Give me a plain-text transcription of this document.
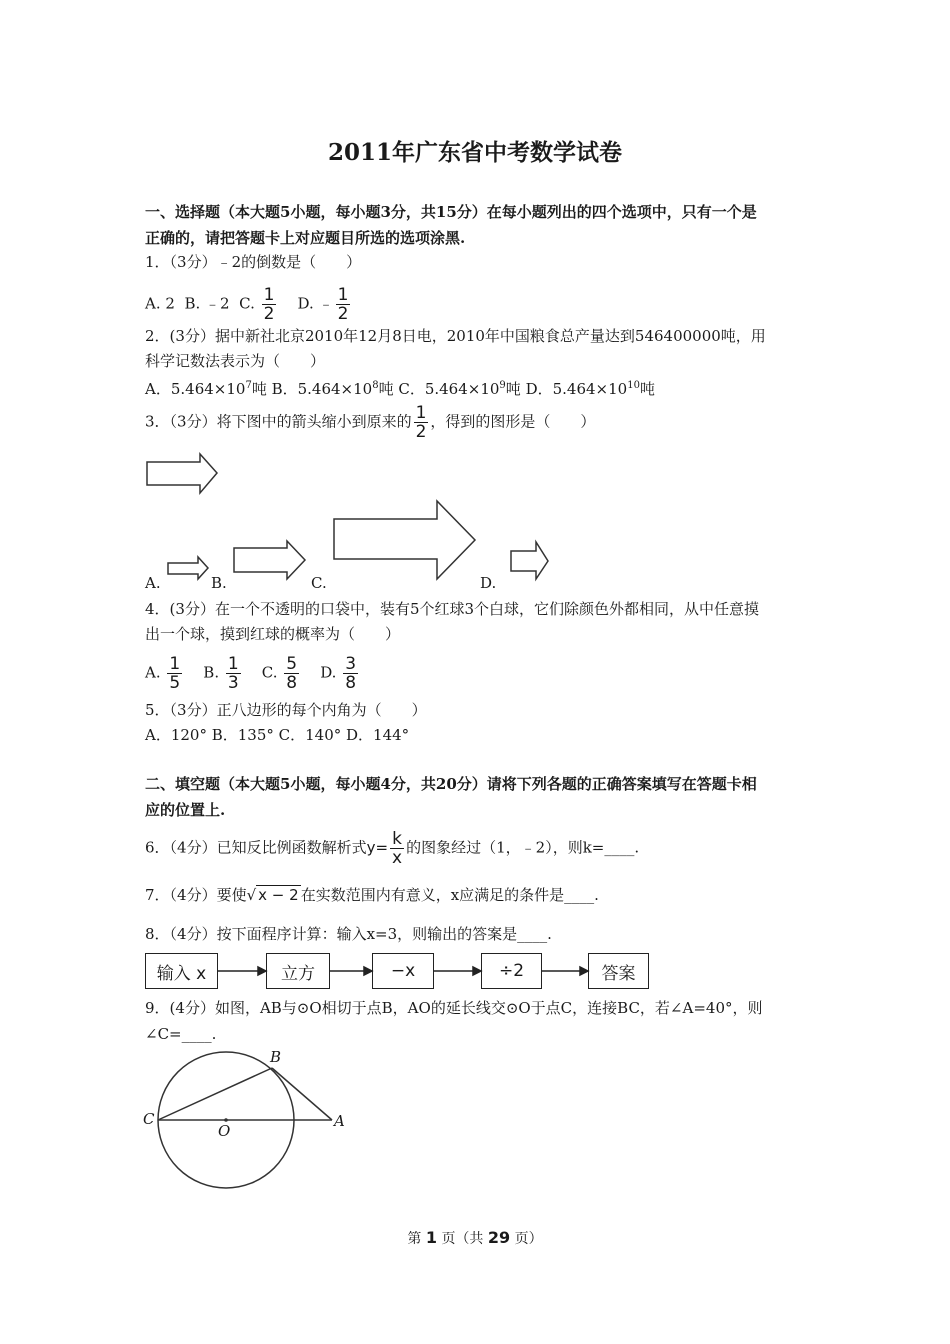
2011年广东省中考数学试卷
一、选择题（本大题5小题，每小题3分，共15分）在每小题列出的四个选项中，只有一个是
正确的，请把答题卡上对应题目所选的选项涂黑.
1．（3分）﹣2的倒数是（　　）
A. 2 B. ﹣2 C. $\frac{1}{2} D$. ﹣ $\frac{1}{2}$
2．(3分）据中新社北京2010年12月8日电，2010年中国粮食总产量达到546400000吨，用
科学记数法表示为（　　）
A．$5.464\times 10^7$吨 B．$5.464\times 10^8$吨 C．$5.464\times 10^9$吨 D．$5.464\times 10^{10}$吨
3．（3分）将下图中的箭头缩小到原来的 $\frac{1}{2}$ ，得到的图形是（　　）
A.	B.	C.	D.
4．(3分）在一个不透明的口袋中，装有5个红球3个白球，它们除颜色外都相同，从中任意摸
出一个球，摸到红球的概率为（　　）
A. $\frac{1}{5} B$. $\frac{1}{3} C$. $\frac{5}{8} D$. $\frac{3}{8}$
5．（3分）正八边形的每个内角为（　　）
A．120° B．135° C．140° D．144°
二、填空题（本大题5小题，每小题4分，共20分）请将下列各题的正确答案填写在答题卡相
应的位置上.
6．（4分）已知反比例函数解析式$y= \frac{k}{x}$ 的图象经过（1，﹣2），则k=____.
7．（4分）要使√ x − 2 在实数范围内有意义，x应满足的条件是____.
8．（4分）按下面程序计算：输入x=3，则输出的答案是____.
输入 x	立方	−x	÷2	答案
9．(4分）如图，AB与⊙O相切于点B，AO的延长线交⊙O于点C，连接BC，若∠A=40°，则
∠C=____.
B
C
O
A
第 1 页（共 29 页）
